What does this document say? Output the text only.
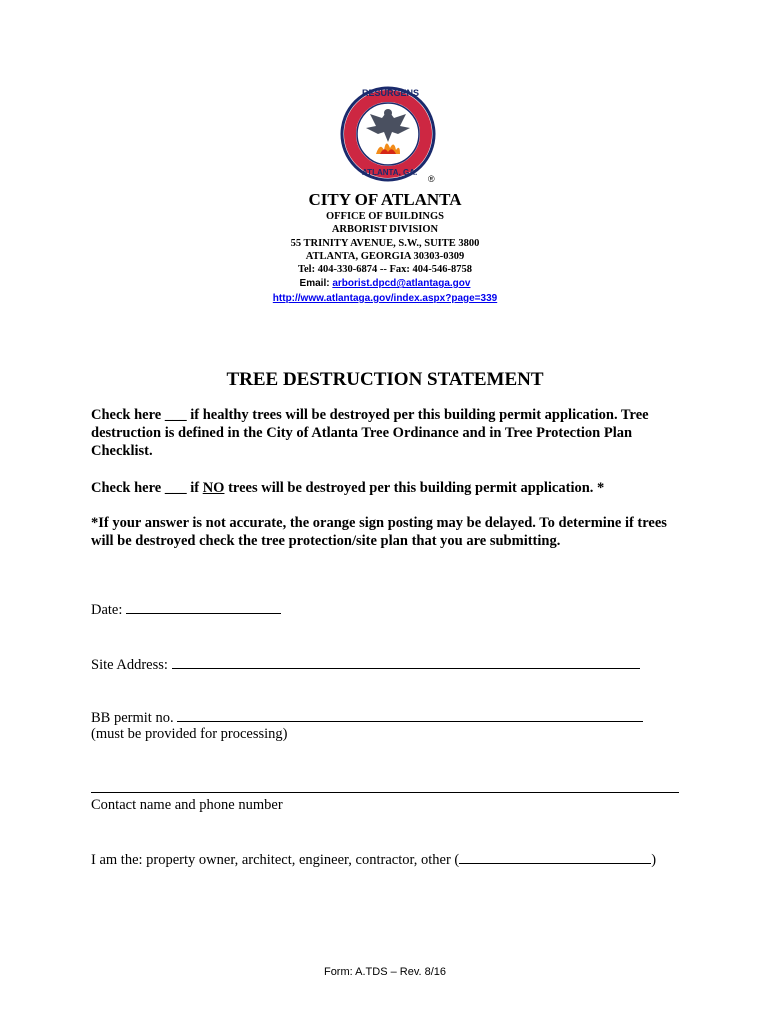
RESURGENS
ATLANTA, GA.
®
CITY OF ATLANTA
OFFICE OF BUILDINGS
ARBORIST DIVISION
55 TRINITY AVENUE, S.W., SUITE 3800
ATLANTA, GEORGIA 30303-0309
Tel: 404-330-6874 -- Fax: 404-546-8758
Email: arborist.dpcd@atlantaga.gov
http://www.atlantaga.gov/index.aspx?page=339
TREE DESTRUCTION STATEMENT
Check here ___ if healthy trees will be destroyed per this building permit application. Tree destruction is defined in the City of Atlanta Tree Ordinance and in Tree Protection Plan Checklist.
Check here ___ if NO trees will be destroyed per this building permit application. *
*If your answer is not accurate, the orange sign posting may be delayed. To determine if trees will be destroyed check the tree protection/site plan that you are submitting.
Date:
Site Address:
BB permit no.
(must be provided for processing)
Contact name and phone number
I am the: property owner, architect, engineer, contractor, other (	)
Form: A.TDS – Rev. 8/16
